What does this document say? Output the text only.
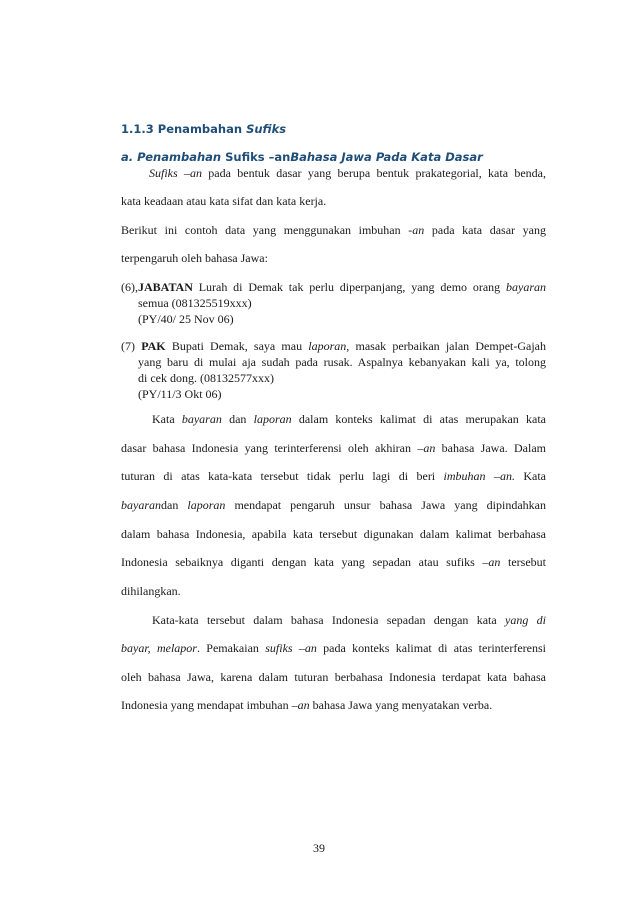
1.1.3 Penambahan Sufiks
a. Penambahan Sufiks –anBahasa Jawa Pada Kata Dasar
Sufiks –an pada bentuk dasar yang berupa bentuk prakategorial, kata benda,
kata keadaan atau kata sifat dan kata kerja.
Berikut ini contoh data yang menggunakan imbuhan -an pada kata dasar yang
terpengaruh oleh bahasa Jawa:
(6),JABATAN Lurah di Demak tak perlu diperpanjang, yang demo orang bayaran
semua (081325519xxx)
(PY/40/ 25 Nov 06)
(7) PAK Bupati Demak, saya mau laporan, masak perbaikan jalan Dempet-Gajah
yang baru di mulai aja sudah pada rusak. Aspalnya kebanyakan kali ya, tolong
di cek dong. (08132577xxx)
(PY/11/3 Okt 06)
Kata bayaran dan laporan dalam konteks kalimat di atas merupakan kata
dasar bahasa Indonesia yang terinterferensi oleh akhiran –an bahasa Jawa. Dalam
tuturan di atas kata-kata tersebut tidak perlu lagi di beri imbuhan –an. Kata
bayarandan laporan mendapat pengaruh unsur bahasa Jawa yang dipindahkan
dalam bahasa Indonesia, apabila kata tersebut digunakan dalam kalimat berbahasa
Indonesia sebaiknya diganti dengan kata yang sepadan atau sufiks –an tersebut
dihilangkan.
Kata-kata tersebut dalam bahasa Indonesia sepadan dengan kata yang di
bayar, melapor. Pemakaian sufiks –an pada konteks kalimat di atas terinterferensi
oleh bahasa Jawa, karena dalam tuturan berbahasa Indonesia terdapat kata bahasa
Indonesia yang mendapat imbuhan –an bahasa Jawa yang menyatakan verba.
39
